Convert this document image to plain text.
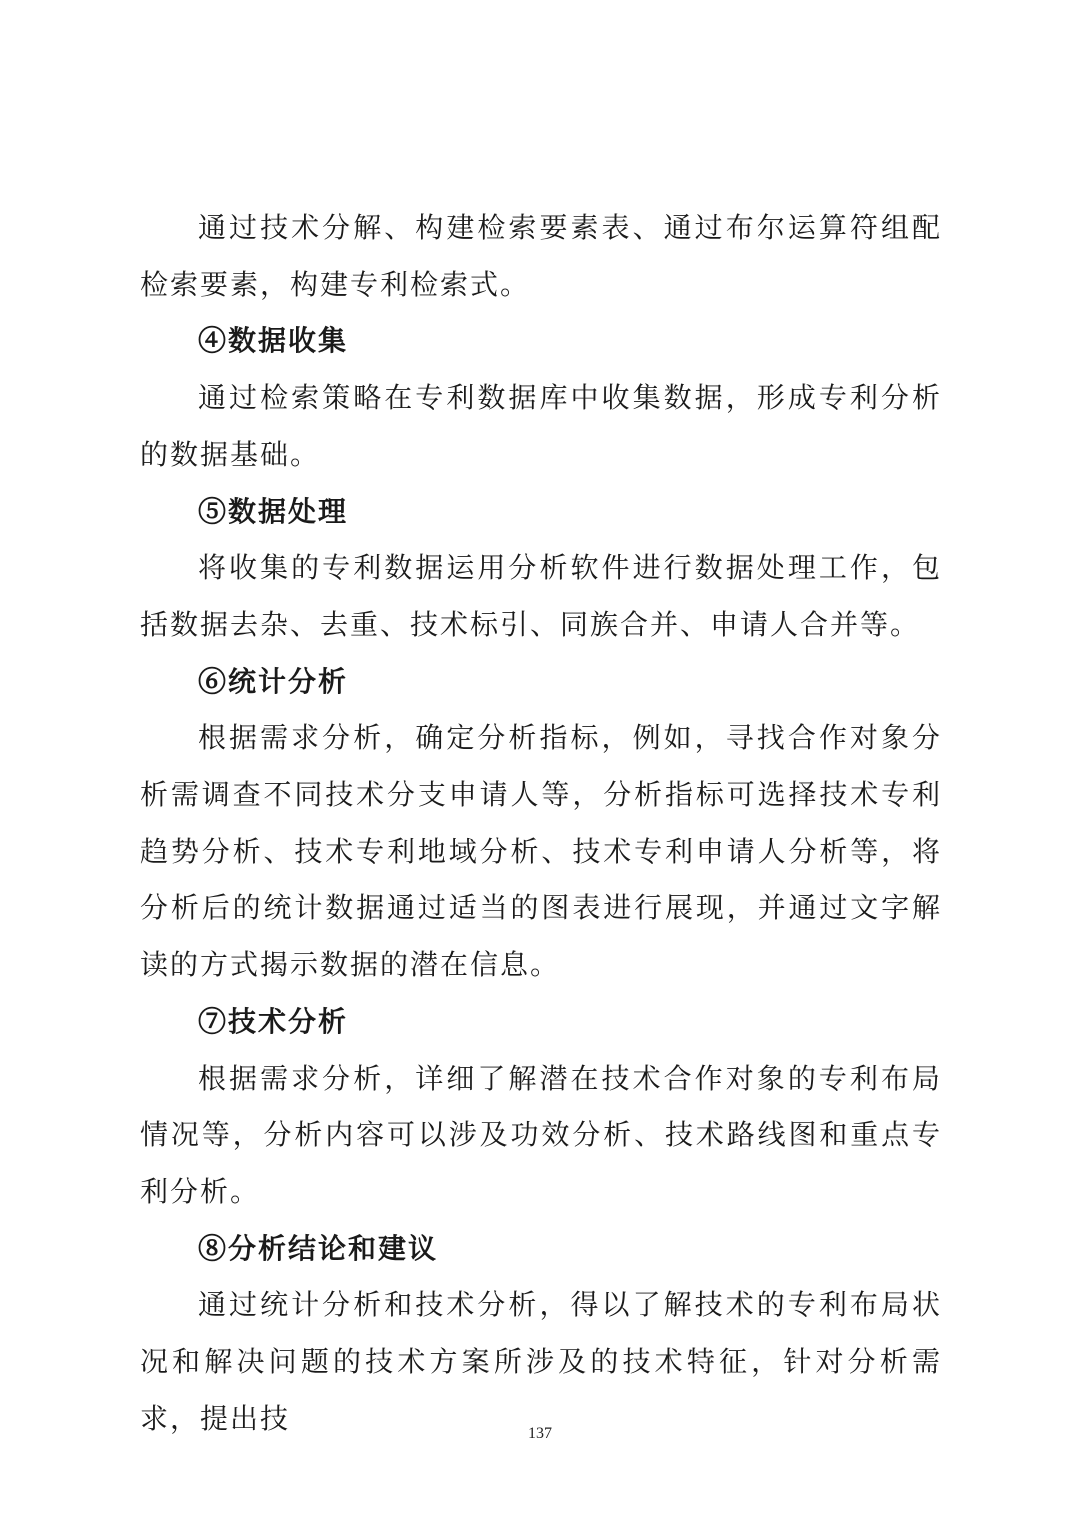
通过技术分解、构建检索要素表、通过布尔运算符组配检索要素，构建专利检索式。

④数据收集

通过检索策略在专利数据库中收集数据，形成专利分析的数据基础。

⑤数据处理

将收集的专利数据运用分析软件进行数据处理工作，包括数据去杂、去重、技术标引、同族合并、申请人合并等。

⑥统计分析

根据需求分析，确定分析指标，例如，寻找合作对象分析需调查不同技术分支申请人等，分析指标可选择技术专利趋势分析、技术专利地域分析、技术专利申请人分析等，将分析后的统计数据通过适当的图表进行展现，并通过文字解读的方式揭示数据的潜在信息。

⑦技术分析

根据需求分析，详细了解潜在技术合作对象的专利布局情况等，分析内容可以涉及功效分析、技术路线图和重点专利分析。

⑧分析结论和建议

通过统计分析和技术分析，得以了解技术的专利布局状况和解决问题的技术方案所涉及的技术特征，针对分析需求，提出技	137
